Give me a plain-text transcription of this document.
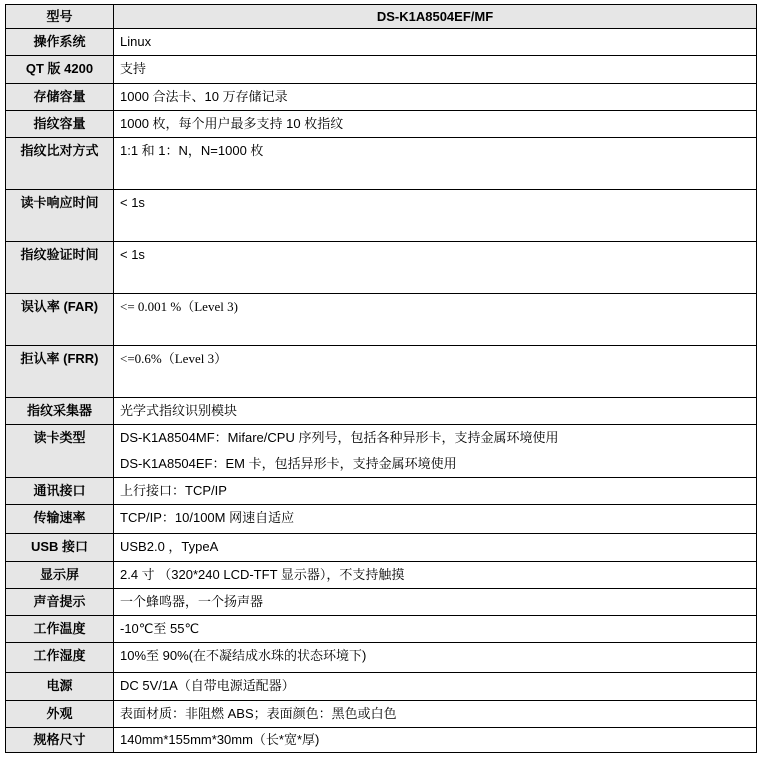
型号	DS-K1A8504EF/MF
操作系统	Linux
QT 版 4200	支持
存储容量	1000 合法卡、10 万存储记录
指纹容量	1000 枚，每个用户最多支持 10 枚指纹
指纹比对方式	1:1 和 1：N，N=1000 枚
读卡响应时间	< 1s
指纹验证时间	< 1s
误认率 (FAR)	<= 0.001 %（Level 3)
拒认率 (FRR)	<=0.6%（Level 3）
指纹采集器	光学式指纹识别模块
读卡类型	DS-K1A8504MF：Mifare/CPU 序列号，包括各种异形卡，支持金属环境使用
DS-K1A8504EF：EM 卡，包括异形卡，支持金属环境使用

通讯接口	上行接口：TCP/IP
传输速率	TCP/IP：10/100M 网速自适应
USB 接口	USB2.0 ，TypeA
显示屏	2.4 寸 （320*240 LCD-TFT 显示器），不支持触摸
声音提示	一个蜂鸣器，一个扬声器
工作温度	-10℃至 55℃
工作湿度	10%至 90%(在不凝结成水珠的状态环境下)
电源	DC 5V/1A（自带电源适配器）
外观	表面材质：非阻燃 ABS；表面颜色：黑色或白色
规格尺寸	140mm*155mm*30mm（长*宽*厚)
